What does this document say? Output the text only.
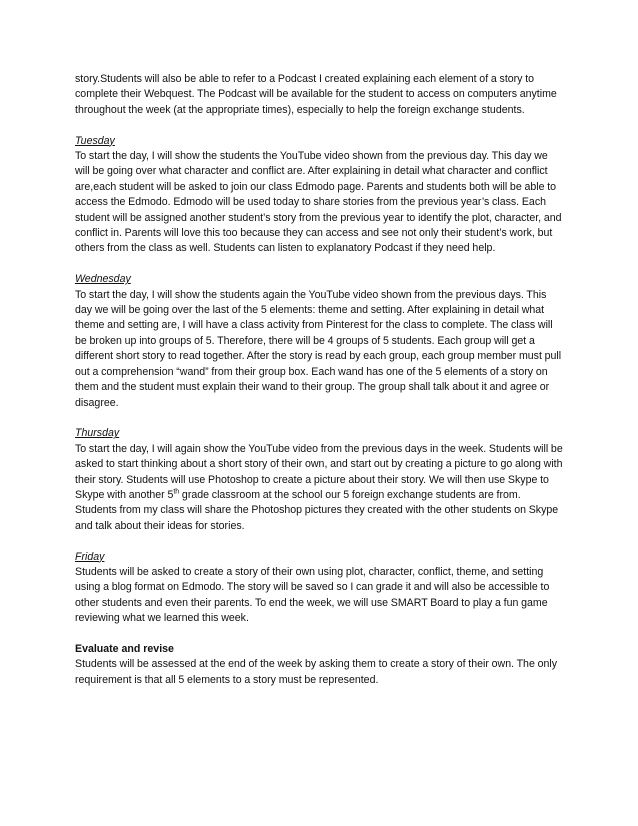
story.Students will also be able to refer to a Podcast I created explaining each element of a story to complete their Webquest. The Podcast will be available for the student to access on computers anytime throughout the week (at the appropriate times), especially to help the foreign exchange students.

Tuesday

To start the day, I will show the students the YouTube video shown from the previous day. This day we will be going over what character and conflict are. After explaining in detail what character and conflict are,each student will be asked to join our class Edmodo page. Parents and students both will be able to access the Edmodo. Edmodo will be used today to share stories from the previous year’s class. Each student will be assigned another student’s story from the previous year to identify the plot, character, and conflict in. Parents will love this too because they can access and see not only their student’s work, but others from the class as well. Students can listen to explanatory Podcast if they need help.

Wednesday

To start the day, I will show the students again the YouTube video shown from the previous days. This day we will be going over the last of the 5 elements: theme and setting. After explaining in detail what theme and setting are, I will have a class activity from Pinterest for the class to complete. The class will be broken up into groups of 5. Therefore, there will be 4 groups of 5 students. Each group will get a different short story to read together. After the story is read by each group, each group member must pull out a comprehension “wand” from their group box. Each wand has one of the 5 elements of a story on them and the student must explain their wand to their group. The group shall talk about it and agree or disagree.

Thursday

To start the day, I will again show the YouTube video from the previous days in the week. Students will be asked to start thinking about a short story of their own, and start out by creating a picture to go along with their story. Students will use Photoshop to create a picture about their story. We will then use Skype to Skype with another 5th grade classroom at the school our 5 foreign exchange students are from. Students from my class will share the Photoshop pictures they created with the other students on Skype and talk about their ideas for stories.

Friday

Students will be asked to create a story of their own using plot, character, conflict, theme, and setting using a blog format on Edmodo. The story will be saved so I can grade it and will also be accessible to other students and even their parents. To end the week, we will use SMART Board to play a fun game reviewing what we learned this week.

Evaluate and revise

Students will be assessed at the end of the week by asking them to create a story of their own. The only requirement is that all 5 elements to a story must be represented.
